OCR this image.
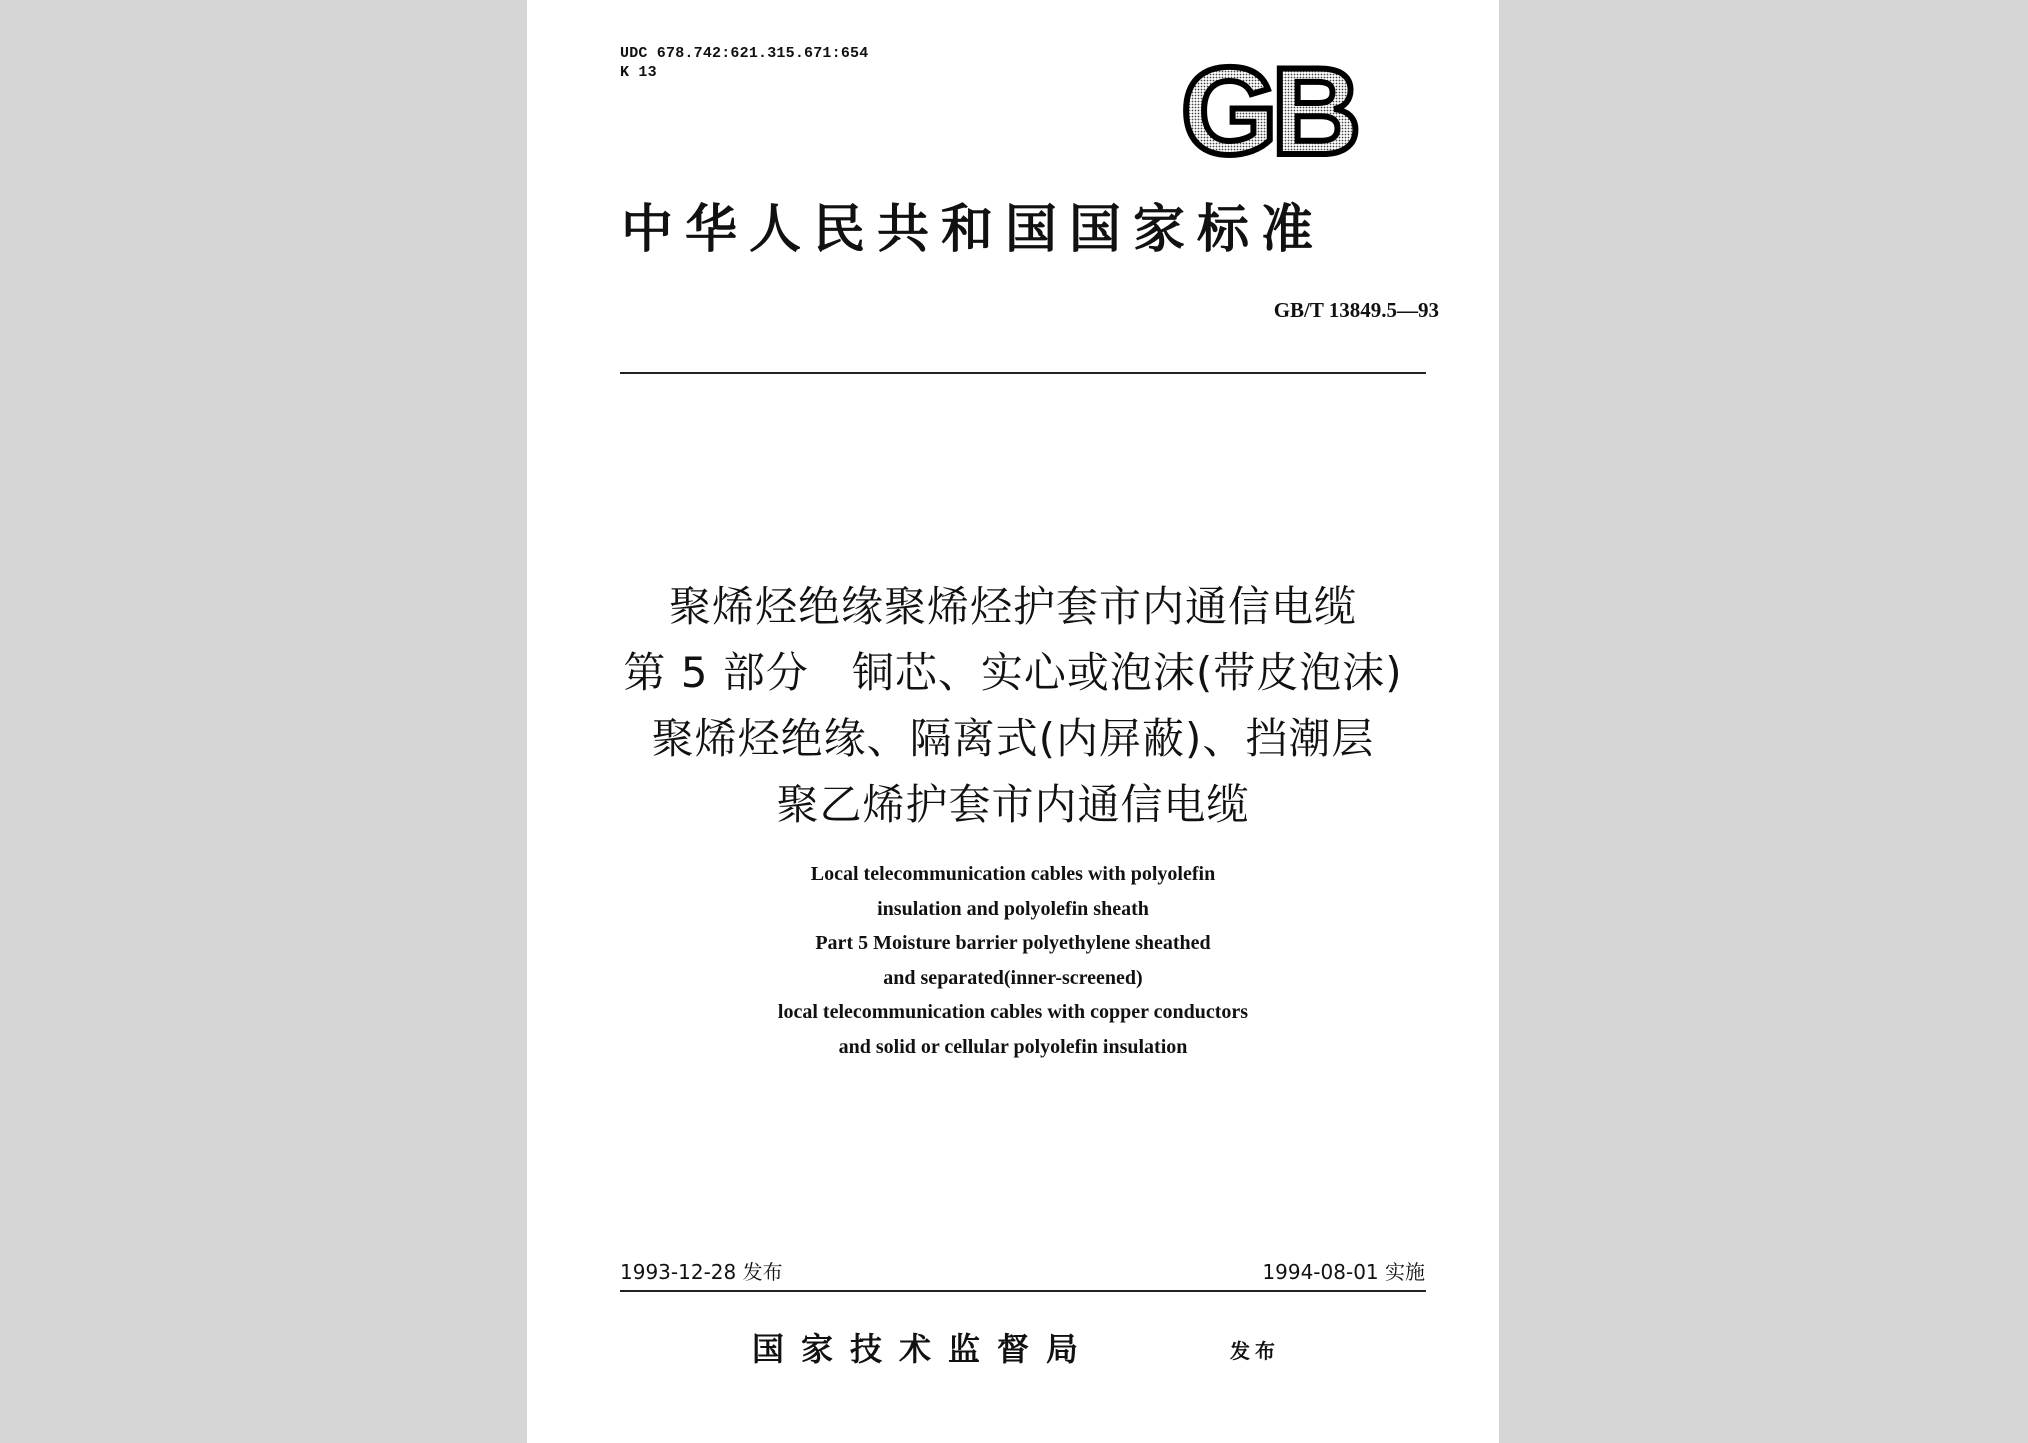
UDC 678.742:621.315.671:654
K 13	GB
中华人民共和国国家标准
GB/T 13849.5—93
聚烯烃绝缘聚烯烃护套市内通信电缆
第 5 部分　铜芯、实心或泡沫(带皮泡沫)
聚烯烃绝缘、隔离式(内屏蔽)、挡潮层
聚乙烯护套市内通信电缆
Local telecommunication cables with polyolefin
insulation and polyolefin sheath
Part 5 Moisture barrier polyethylene sheathed
and separated(inner-screened)
local telecommunication cables with copper conductors
and solid or cellular polyolefin insulation
1993-12-28 发布	1994-08-01 实施
国家技术监督局	发布
